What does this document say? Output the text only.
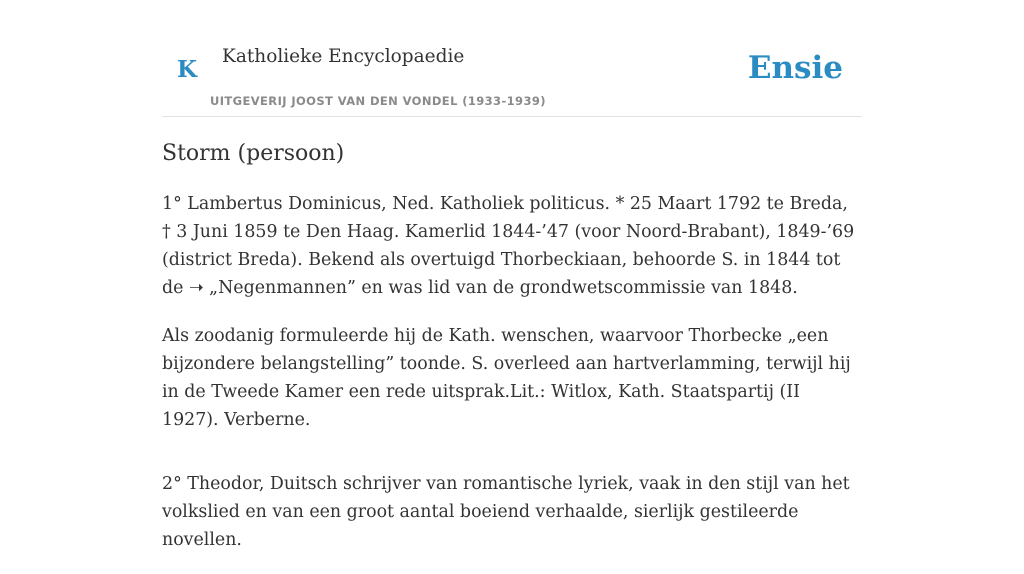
K Katholieke Encyclopaedie
UITGEVERIJ JOOST VAN DEN VONDEL (1933-1939)
Ensie
Storm (persoon)

1° Lambertus Dominicus, Ned. Katholiek politicus. * 25 Maart 1792 te Breda, † 3 Juni 1859 te Den Haag. Kamerlid 1844-’47 (voor Noord-Brabant), 1849-’69 (district Breda). Bekend als overtuigd Thorbeckiaan, behoorde S. in 1844 tot de ➝ „Negenmannen” en was lid van de grondwetscommissie van 1848.

Als zoodanig formuleerde hij de Kath. wenschen, waarvoor Thorbecke „een bijzondere belangstelling” toonde. S. overleed aan hartverlamming, terwijl hij in de Tweede Kamer een rede uitsprak.Lit.: Witlox, Kath. Staatspartij (II 1927). Verberne.

2° Theodor, Duitsch schrijver van romantische lyriek, vaak in den stijl van het volkslied en van een groot aantal boeiend verhaalde, sierlijk gestileerde novellen.
